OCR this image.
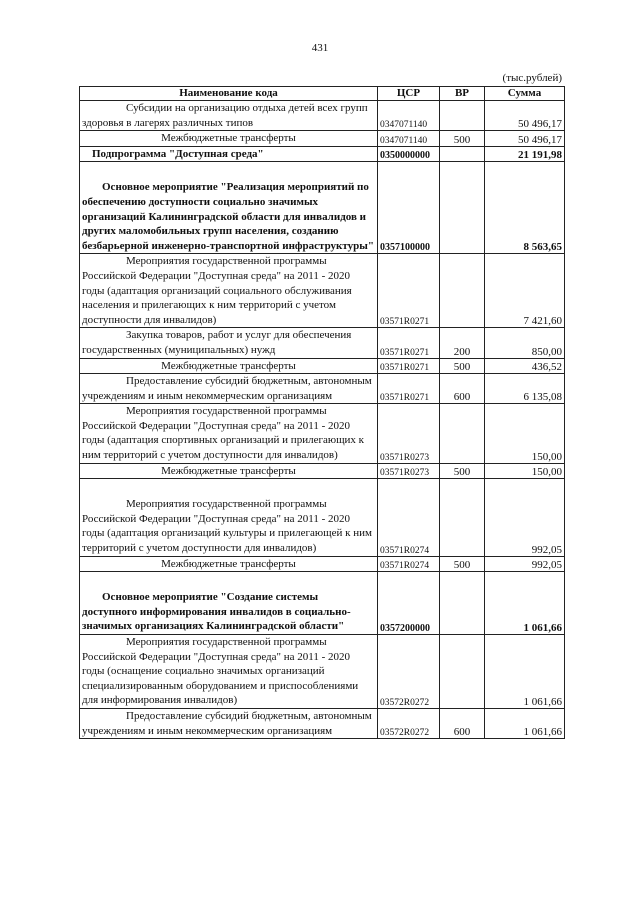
431
(тыс.рублей)
Наименование кода	ЦСР	ВР	Сумма
Субсидии на организацию отдыха детей всех групп здоровья в лагерях различных типов	0347071140		50 496,17
Межбюджетные трансферты	0347071140	500	50 496,17
Подпрограмма "Доступная среда"	0350000000		21 191,98
Основное мероприятие "Реализация мероприятий по обеспечению доступности социально значимых организаций Калининградской области для инвалидов и других маломобильных групп населения, созданию безбарьерной инженерно-транспортной инфраструктуры"	0357100000		8 563,65
Мероприятия государственной программы Российской Федерации "Доступная среда" на 2011 - 2020 годы (адаптация организаций социального обслуживания населения и прилегающих к ним территорий с учетом доступности для инвалидов)	03571R0271		7 421,60
Закупка товаров, работ и услуг для обеспечения государственных (муниципальных) нужд	03571R0271	200	850,00
Межбюджетные трансферты	03571R0271	500	436,52
Предоставление субсидий бюджетным, автономным учреждениям и иным некоммерческим организациям	03571R0271	600	6 135,08
Мероприятия государственной программы Российской Федерации "Доступная среда" на 2011 - 2020 годы (адаптация спортивных организаций и прилегающих к ним территорий с учетом доступности для инвалидов)	03571R0273		150,00
Межбюджетные трансферты	03571R0273	500	150,00
Мероприятия государственной программы Российской Федерации "Доступная среда" на 2011 - 2020 годы (адаптация организаций культуры и прилегающей к ним территорий с учетом доступности для инвалидов)	03571R0274		992,05
Межбюджетные трансферты	03571R0274	500	992,05
Основное мероприятие "Создание системы доступного информирования инвалидов в социально-значимых организациях Калининградской области"	0357200000		1 061,66
Мероприятия государственной программы Российской Федерации "Доступная среда" на 2011 - 2020 годы (оснащение социально значимых организаций специализированным оборудованием и приспособлениями для информирования инвалидов)	03572R0272		1 061,66
Предоставление субсидий бюджетным, автономным учреждениям и иным некоммерческим организациям	03572R0272	600	1 061,66
